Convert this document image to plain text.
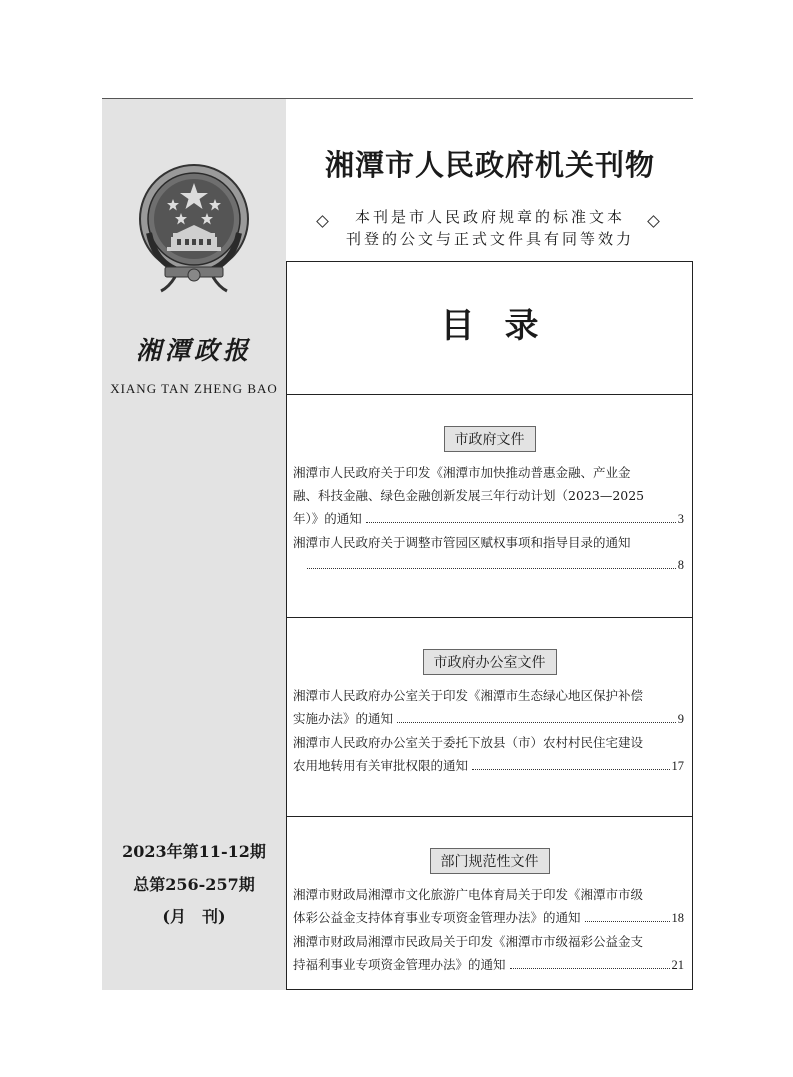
湘潭政报
XIANG TAN ZHENG BAO
2023年第11-12期
总第256-257期
(月　刊)
湘潭市人民政府机关刊物
本刊是市人民政府规章的标准文本
刊登的公文与正式文件具有同等效力
目录
市政府文件
湘潭市人民政府关于印发《湘潭市加快推动普惠金融、产业金
融、科技金融、绿色金融创新发展三年行动计划（2023—2025
年）》的通知	3
湘潭市人民政府关于调整市管园区赋权事项和指导目录的通知
8
市政府办公室文件
湘潭市人民政府办公室关于印发《湘潭市生态绿心地区保护补偿
实施办法》的通知	9
湘潭市人民政府办公室关于委托下放县（市）农村村民住宅建设
农用地转用有关审批权限的通知	17
部门规范性文件
湘潭市财政局湘潭市文化旅游广电体育局关于印发《湘潭市市级
体彩公益金支持体育事业专项资金管理办法》的通知	18
湘潭市财政局湘潭市民政局关于印发《湘潭市市级福彩公益金支
持福利事业专项资金管理办法》的通知	21
